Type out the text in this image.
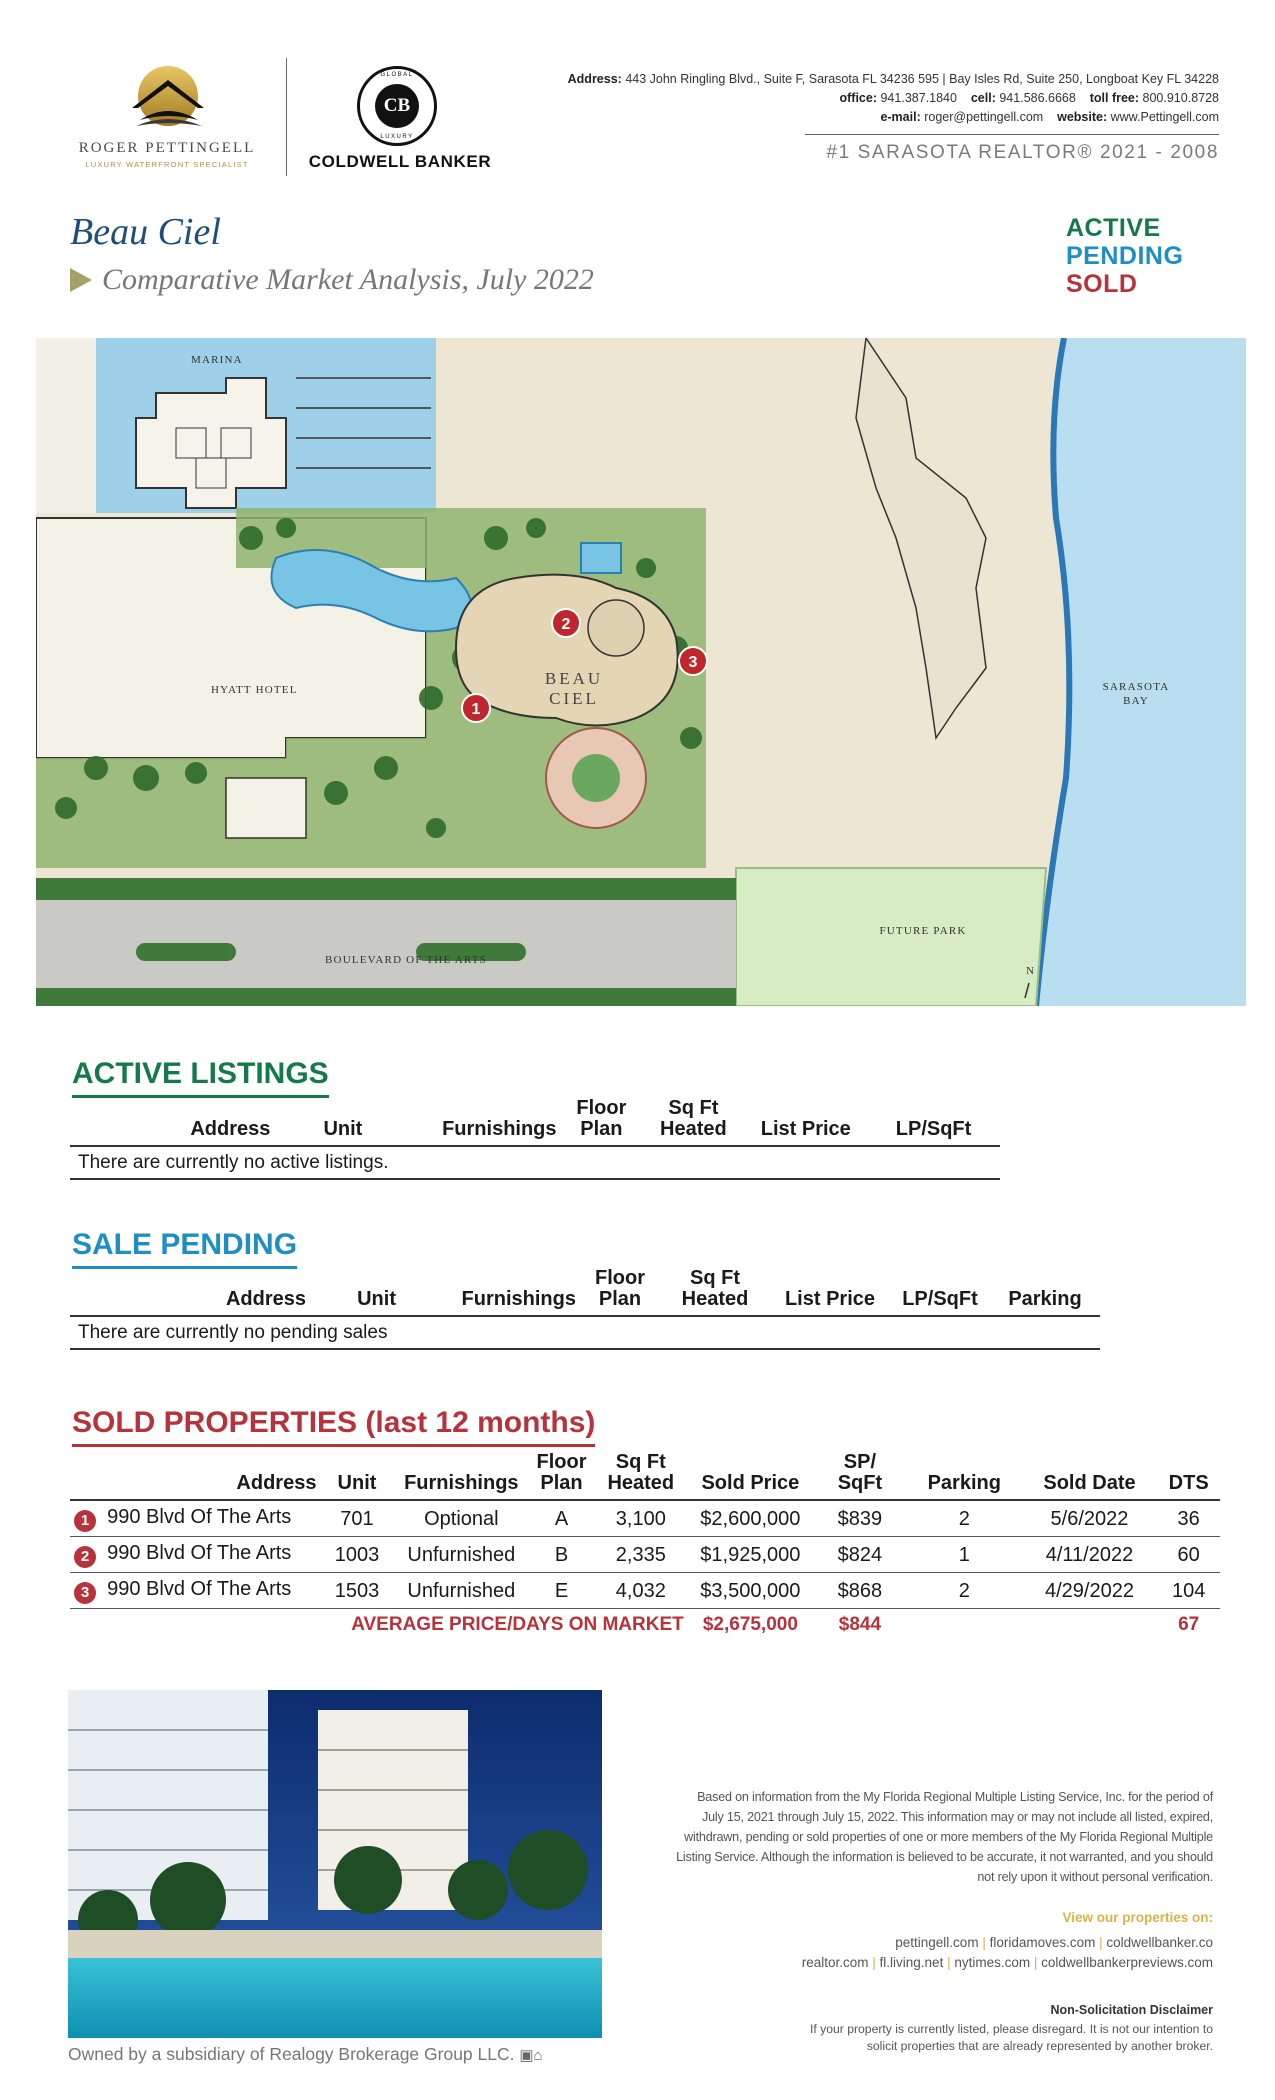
ROGER PETTINGELL
LUXURY WATERFRONT SPECIALIST
GLOBAL
CB
LUXURY
COLDWELL BANKER
Address: 443 John Ringling Blvd., Suite F, Sarasota FL 34236 595 | Bay Isles Rd, Suite 250, Longboat Key FL 34228
office: 941.387.1840 cell: 941.586.6668 toll free: 800.910.8728
e-mail: roger@pettingell.com website: www.Pettingell.com
#1 SARASOTA REALTOR® 2021 - 2008
Beau Ciel
Comparative Market Analysis, July 2022
ACTIVE
PENDING
SOLD
MARINA
HYATT HOTEL	SARASOTA
BAY
FUTURE PARK
BOULEVARD OF THE ARTS
N
BEAU
CIEL
1
2
3
ACTIVE LISTINGS
Address	Unit	Furnishings	Floor Plan	Sq Ft Heated	List Price	LP/SqFt
There are currently no active listings.
SALE PENDING
Address	Unit	Furnishings	Floor Plan	Sq Ft Heated	List Price	LP/SqFt	Parking
There are currently no pending sales
SOLD PROPERTIES (last 12 months)
Address	Unit	Furnishings	Floor Plan	Sq Ft Heated	Sold Price	SP/ SqFt	Parking	Sold Date	DTS
1 990 Blvd Of The Arts	701	Optional	A	3,100	$2,600,000	$839	2	5/6/2022	36
2 990 Blvd Of The Arts	1003	Unfurnished	B	2,335	$1,925,000	$824	1	4/11/2022	60
3 990 Blvd Of The Arts	1503	Unfurnished	E	4,032	$3,500,000	$868	2	4/29/2022	104
AVERAGE PRICE/DAYS ON MARKET					$2,675,000	$844			67
Owned by a subsidiary of Realogy Brokerage Group LLC. ▣⌂
Based on information from the My Florida Regional Multiple Listing Service, Inc. for the period of July 15, 2021 through July 15, 2022. This information may or may not include all listed, expired, withdrawn, pending or sold properties of one or more members of the My Florida Regional Multiple Listing Service. Although the information is believed to be accurate, it not warranted, and you should not rely upon it without personal verification.
View our properties on:
pettingell.com | floridamoves.com | coldwellbanker.co
realtor.com | fl.living.net | nytimes.com | coldwellbankerpreviews.com
Non-Solicitation Disclaimer
If your property is currently listed, please disregard. It is not our intention to solicit properties that are already represented by another broker.
